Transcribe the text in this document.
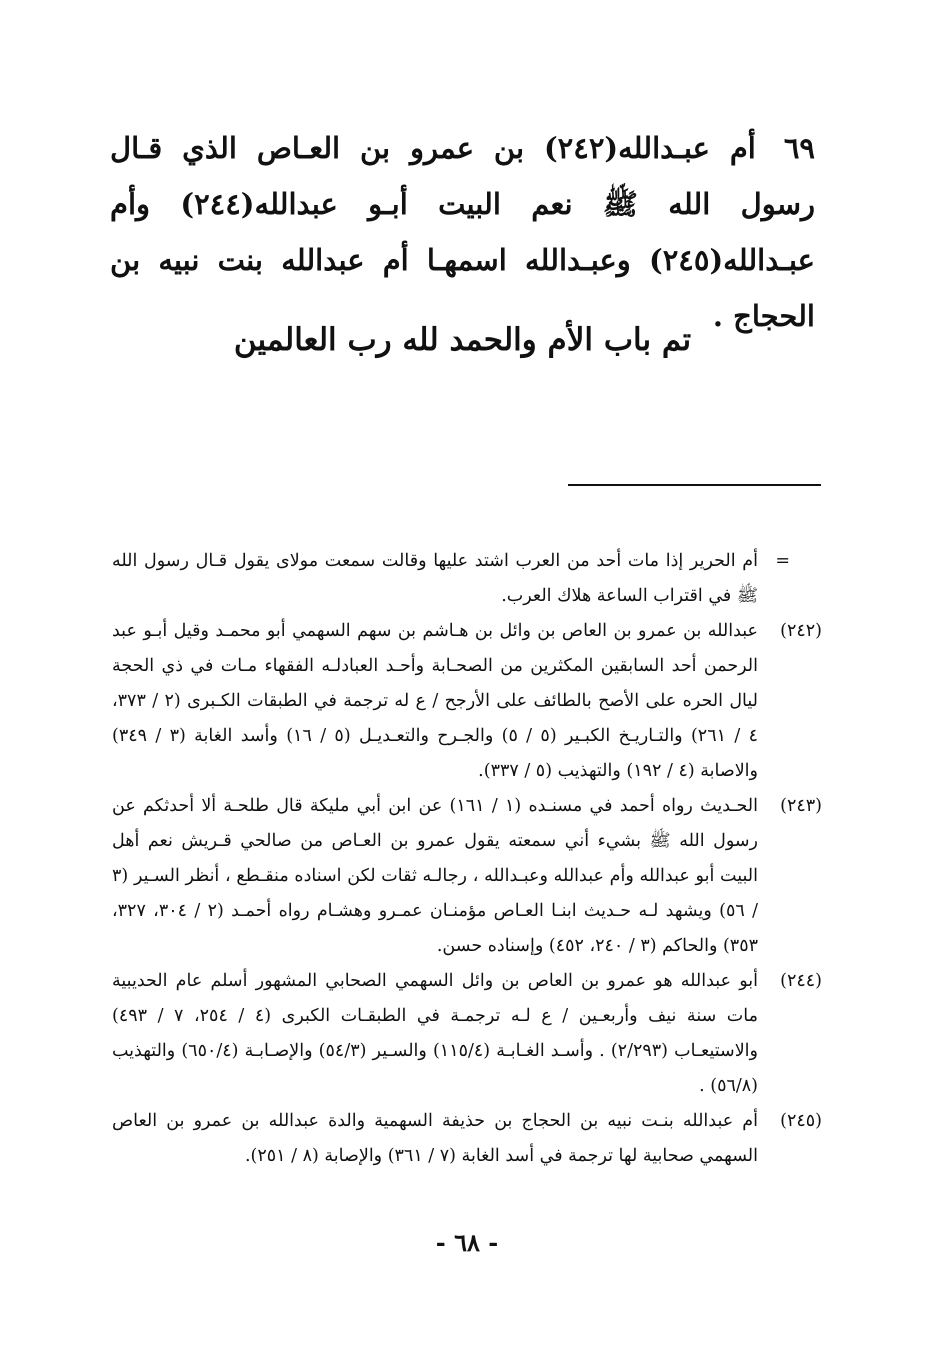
٦٩أم عبـدالله(٢٤٢) بن عمرو بن العـاص الذي قـال رسول الله ﷺ نعم البيت أبـو عبدالله(٢٤٤) وأم عبـدالله(٢٤٥) وعبـدالله اسمهـا أم عبدالله بنت نبيه بن الحجاج .
تم باب الأم والحمد لله رب العالمين
=
أم الحرير إذا مات أحد من العرب اشتد عليها وقالت سمعت مولاى يقول قـال رسول الله ﷺ في اقتراب الساعة هلاك العرب.
(٢٤٢)
عبدالله بن عمرو بن العاص بن وائل بن هـاشم بن سهم السهمي أبو محمـد وقيل أبـو عبد الرحمن أحد السابقين المكثرين من الصحـابة وأحـد العبادلـه الفقهاء مـات في ذي الحجة ليال الحره على الأصح بالطائف على الأرجح / ع له ترجمة في الطبقات الكـبرى (٢ / ٣٧٣، ٤ / ٢٦١) والتـاريـخ الكبـير (٥ / ٥) والجـرح والتعـديـل (٥ / ١٦) وأسد الغابة (٣ / ٣٤٩) والاصابة (٤ / ١٩٢) والتهذيب (٥ / ٣٣٧).
(٢٤٣)
الحـديث رواه أحمد في مسنـده (١ / ١٦١) عن ابن أبي مليكة قال طلحـة ألا أحدثكم عن رسول الله ﷺ بشيء أني سمعته يقول عمرو بن العـاص من صالحي قـريش نعم أهل البيت أبو عبدالله وأم عبدالله وعبـدالله ، رجالـه ثقات لكن اسناده منقـطع ، أنظر السـير (٣ / ٥٦) ويشهد لـه حـديث ابنـا العـاص مؤمنـان عمـرو وهشـام رواه أحمـد (٢ / ٣٠٤، ٣٢٧، ٣٥٣) والحاكم (٣ / ٢٤٠، ٤٥٢) وإسناده حسن.
(٢٤٤)
أبو عبدالله هو عمرو بن العاص بن وائل السهمي الصحابي المشهور أسلم عام الحديبية مات سنة نيف وأربعـين / ع لـه ترجمـة في الطبقـات الكبرى (٤ / ٢٥٤، ٧ / ٤٩٣) والاستيعـاب (٢/٢٩٣) . وأسـد الغـابـة (١١٥/٤) والسـير (٥٤/٣) والإصـابـة (٦٥٠/٤) والتهذيب (٥٦/٨) .
(٢٤٥)
أم عبدالله بنـت نبيه بن الحجاج بن حذيفة السهمية والدة عبدالله بن عمرو بن العاص السهمي صحابية لها ترجمة في أسد الغابة (٧ / ٣٦١) والإصابة (٨ / ٢٥١).
- ٦٨ -
